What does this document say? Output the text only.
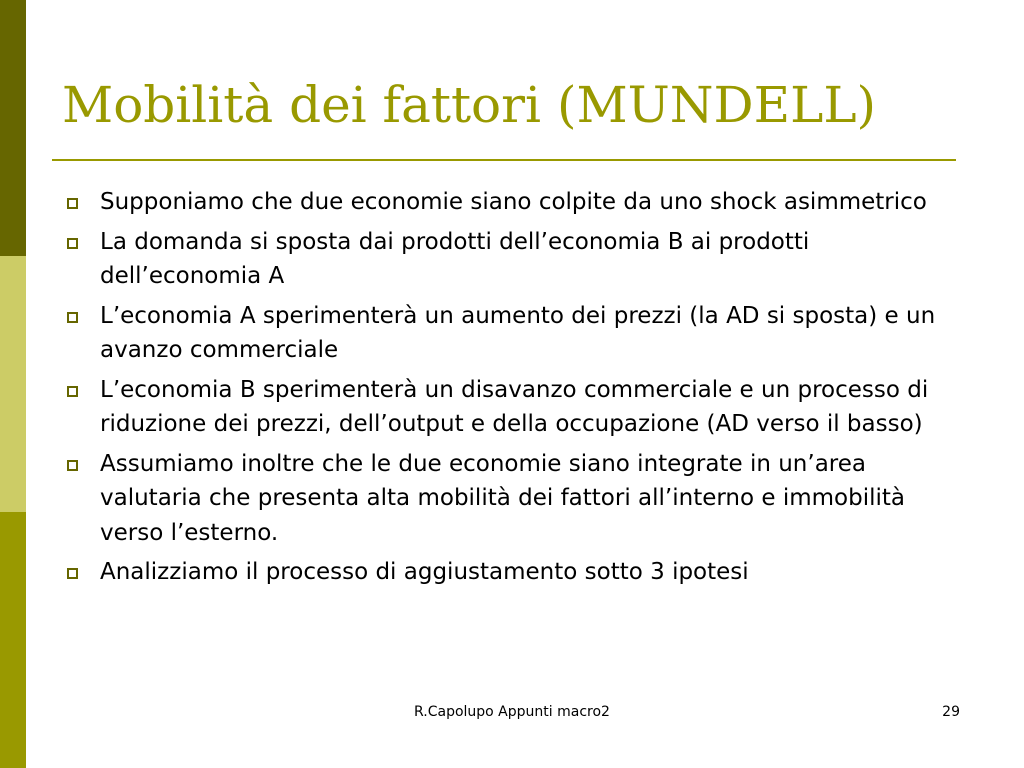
Mobilità dei fattori (MUNDELL)
Supponiamo che due economie siano colpite da uno shock asimmetrico
La domanda si sposta dai prodotti dell’economia B ai prodotti dell’economia A
L’economia A sperimenterà un aumento dei prezzi (la AD si sposta) e un avanzo commerciale
L’economia B sperimenterà un disavanzo commerciale e un processo di riduzione dei prezzi, dell’output e della occupazione (AD verso il basso)
Assumiamo inoltre che le due economie siano integrate in un’area valutaria che presenta alta mobilità dei fattori all’interno e immobilità verso l’esterno.
Analizziamo il processo di aggiustamento sotto 3 ipotesi
R.Capolupo Appunti macro2	29
